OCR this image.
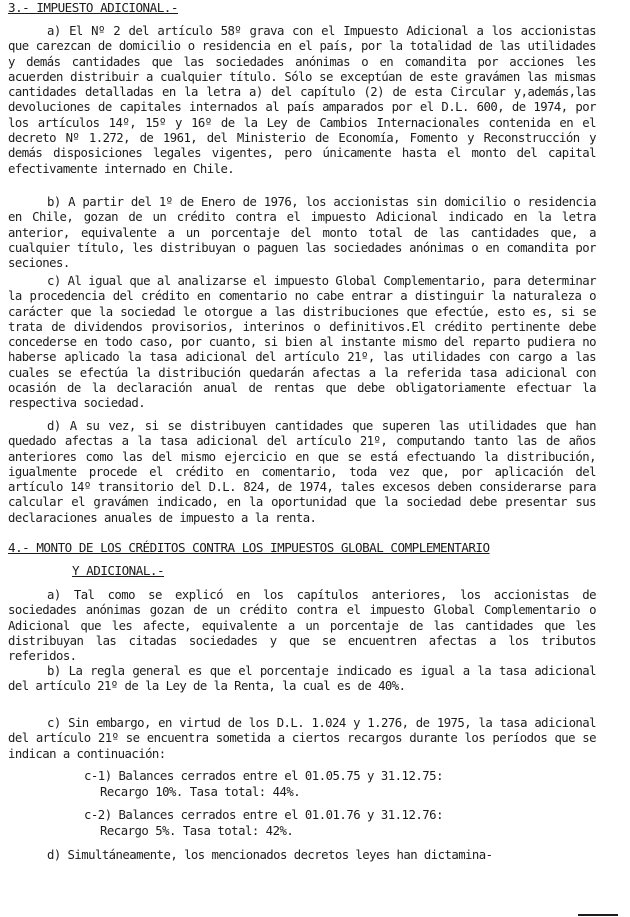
3.- IMPUESTO ADICIONAL.-

a) El Nº 2 del artículo 58º grava con el Impuesto Adicional a los accionistas que carezcan de domicilio o residencia en el país, por la totalidad de las utilidades y demás cantidades que las sociedades anónimas o en comandita por acciones les acuerden distribuir a cualquier título. Sólo se exceptúan de este gravámen las mismas cantidades detalladas en la letra a) del capítulo (2) de esta Circular y,además,las devoluciones de capitales internados al país amparados por el D.L. 600, de 1974, por los artículos 14º, 15º y 16º de la Ley de Cambios Internacionales contenida en el decreto Nº 1.272, de 1961, del Ministerio de Economía, Fomento y Reconstrucción y demás disposiciones legales vigentes, pero únicamente hasta el monto del capital efectivamente internado en Chile.

b) A partir del 1º de Enero de 1976, los accionistas sin domicilio o residencia en Chile, gozan de un crédito contra el impuesto Adicional indicado en la letra anterior, equivalente a un porcentaje del monto total de las cantidades que, a cualquier título, les distribuyan o paguen las sociedades anónimas o en comandita por seciones.

c) Al igual que al analizarse el impuesto Global Complementario, para determinar la procedencia del crédito en comentario no cabe entrar a distinguir la naturaleza o carácter que la sociedad le otorgue a las distribuciones que efectúe, esto es, si se trata de dividendos provisorios, interinos o definitivos.El crédito pertinente debe concederse en todo caso, por cuanto, si bien al instante mismo del reparto pudiera no haberse aplicado la tasa adicional del artículo 21º, las utilidades con cargo a las cuales se efectúa la distribución quedarán afectas a la referida tasa adicional con ocasión de la declaración anual de rentas que debe obligatoriamente efectuar la respectiva sociedad.

d) A su vez, si se distribuyen cantidades que superen las utilidades que han quedado afectas a la tasa adicional del artículo 21º, computando tanto las de años anteriores como las del mismo ejercicio en que se está efectuando la distribución, igualmente procede el crédito en comentario, toda vez que, por aplicación del artículo 14º transitorio del D.L. 824, de 1974, tales excesos deben considerarse para calcular el gravámen indicado, en la oportunidad que la sociedad debe presentar sus declaraciones anuales de impuesto a la renta.

4.- MONTO DE LOS CRÉDITOS CONTRA LOS IMPUESTOS GLOBAL COMPLEMENTARIO
Y ADICIONAL.-

a) Tal como se explicó en los capítulos anteriores, los accionistas de sociedades anónimas gozan de un crédito contra el impuesto Global Complementario o Adicional que les afecte, equivalente a un porcentaje de las cantidades que les distribuyan las citadas sociedades y que se encuentren afectas a los tributos referidos.

b) La regla general es que el porcentaje indicado es igual a la tasa adicional del artículo 21º de la Ley de la Renta, la cual es de 40%.

c) Sin embargo, en virtud de los D.L. 1.024 y 1.276, de 1975, la tasa adicional del artículo 21º se encuentra sometida a ciertos recargos durante los períodos que se indican a continuación:

c-1) Balances cerrados entre el 01.05.75 y 31.12.75:
Recargo 10%. Tasa total: 44%.
c-2) Balances cerrados entre el 01.01.76 y 31.12.76:
Recargo 5%. Tasa total: 42%.

d) Simultáneamente, los mencionados decretos leyes han dictamina-
